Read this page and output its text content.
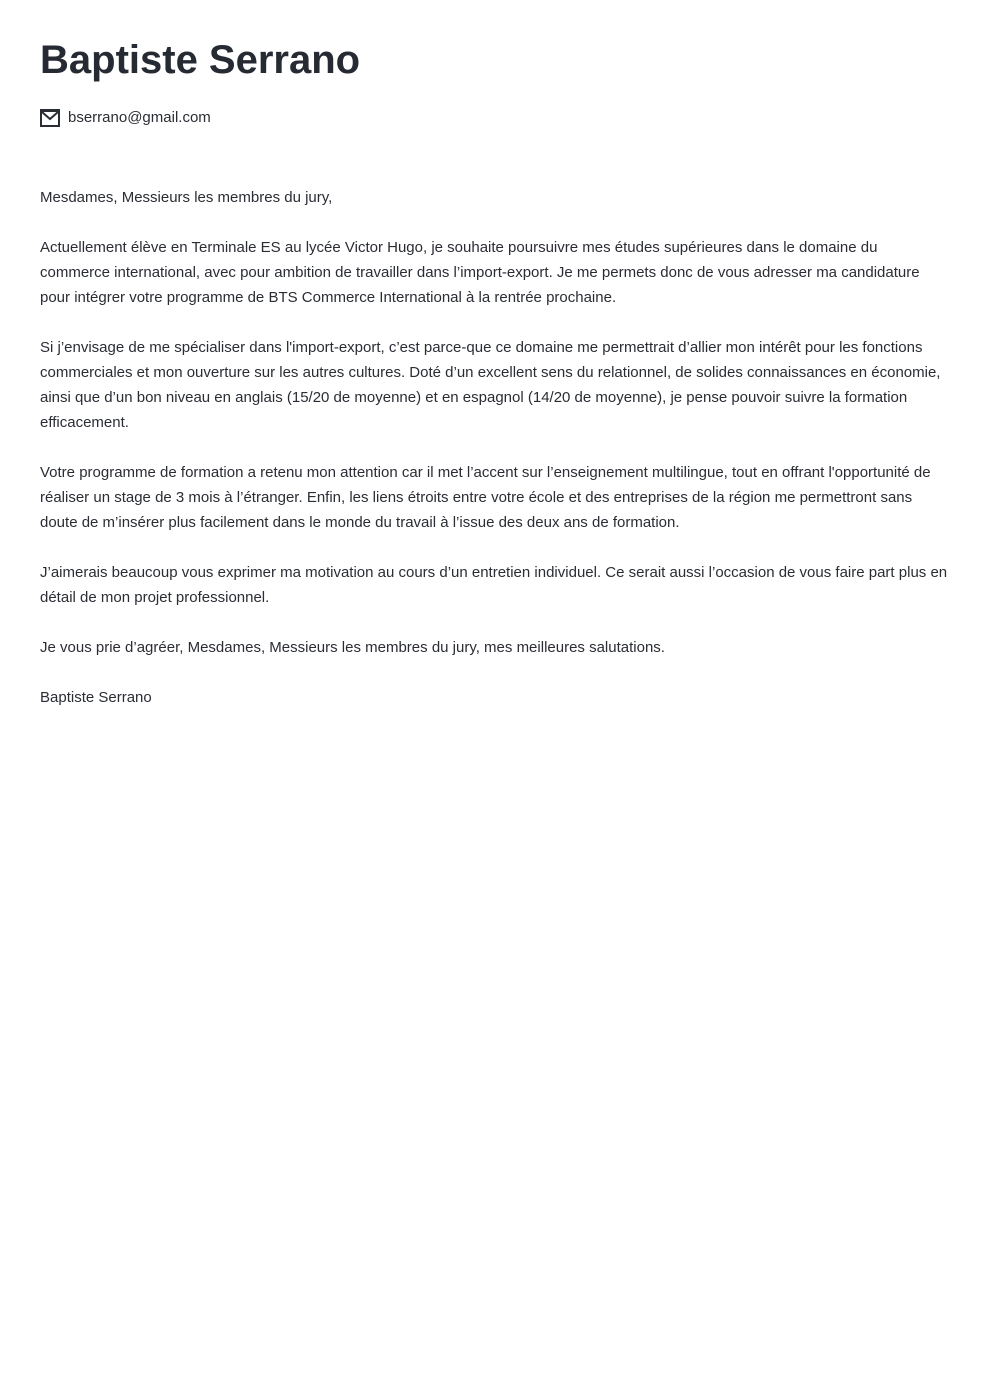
Baptiste Serrano
bserrano@gmail.com

Mesdames, Messieurs les membres du jury,

Actuellement élève en Terminale ES au lycée Victor Hugo, je souhaite poursuivre mes études supérieures dans le domaine du commerce international, avec pour ambition de travailler dans l’import-export. Je me permets donc de vous adresser ma candidature pour intégrer votre programme de BTS Commerce International à la rentrée prochaine.

Si j’envisage de me spécialiser dans l'import-export, c’est parce-que ce domaine me permettrait d’allier mon intérêt pour les fonctions commerciales et mon ouverture sur les autres cultures. Doté d’un excellent sens du relationnel, de solides connaissances en économie, ainsi que d’un bon niveau en anglais (15/20 de moyenne) et en espagnol (14/20 de moyenne), je pense pouvoir suivre la formation efficacement.

Votre programme de formation a retenu mon attention car il met l’accent sur l’enseignement multilingue, tout en offrant l'opportunité de réaliser un stage de 3 mois à l’étranger. Enfin, les liens étroits entre votre école et des entreprises de la région me permettront sans doute de m’insérer plus facilement dans le monde du travail à l’issue des deux ans de formation.

J’aimerais beaucoup vous exprimer ma motivation au cours d’un entretien individuel. Ce serait aussi l’occasion de vous faire part plus en détail de mon projet professionnel.

Je vous prie d’agréer, Mesdames, Messieurs les membres du jury, mes meilleures salutations.

Baptiste Serrano
